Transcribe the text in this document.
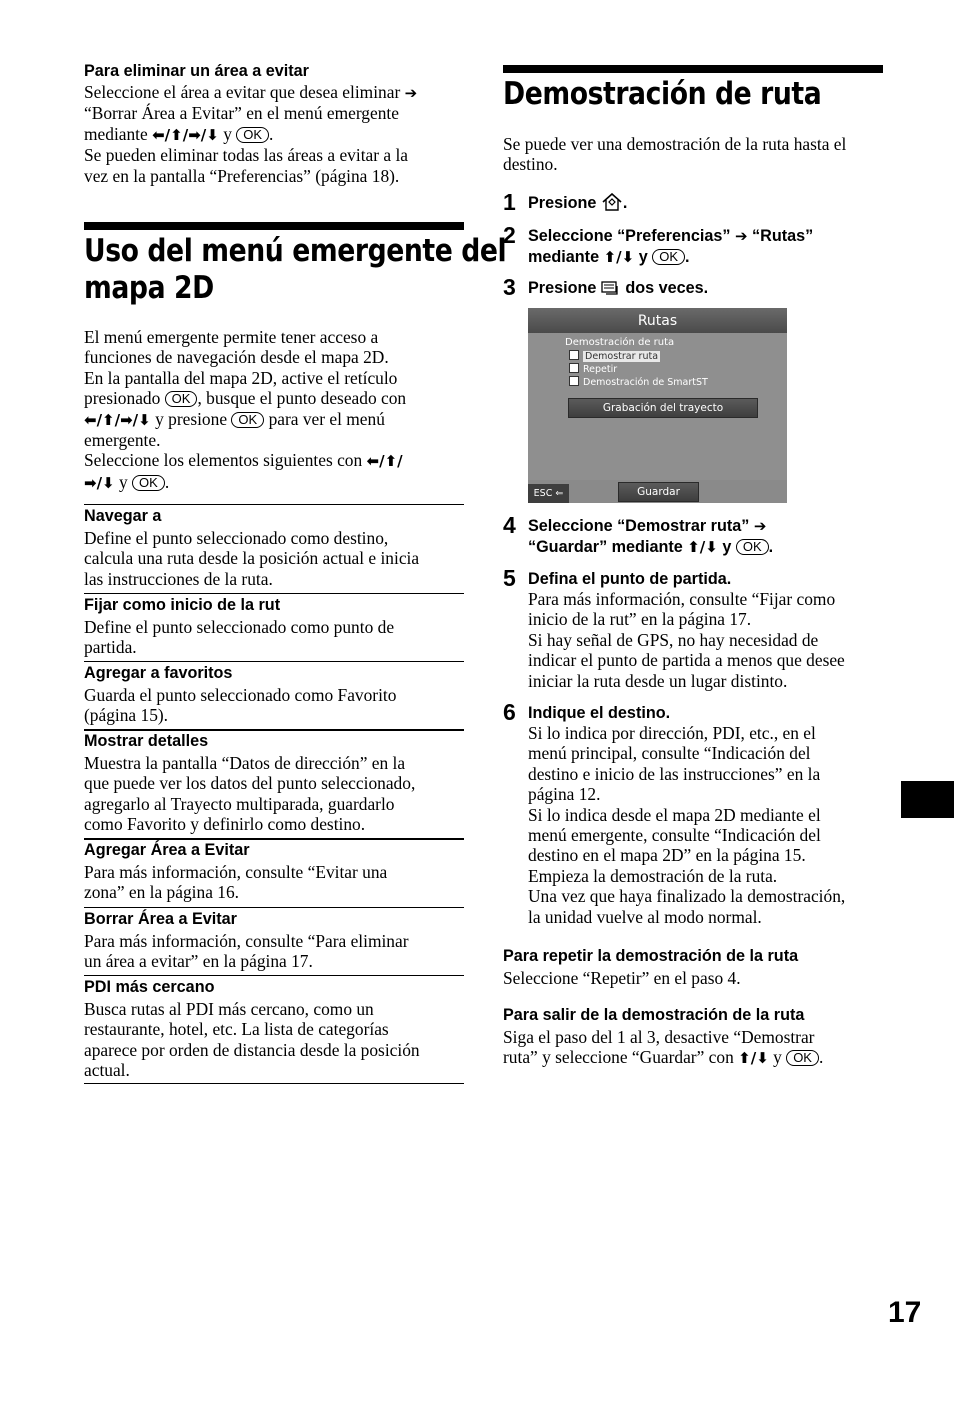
Para eliminar un área a evitar

Seleccione el área a evitar que desea eliminar ➔
“Borrar Área a Evitar” en el menú emergente
mediante ⬅/⬆/➡/⬇ y OK .
Se pueden eliminar todas las áreas a evitar a la
vez en la pantalla “Preferencias” (página 18).
Uso del menú emergente del
mapa 2D
El menú emergente permite tener acceso a
funciones de navegación desde el mapa 2D.
En la pantalla del mapa 2D, active el retículo
presionado OK , busque el punto deseado con
⬅/⬆/➡/⬇ y presione OK para ver el menú
emergente.
Seleccione los elementos siguientes con ⬅/⬆/
➡/⬇ y OK .

Navegar a

Define el punto seleccionado como destino,
calcula una ruta desde la posición actual e inicia
las instrucciones de la ruta.

Fijar como inicio de la rut

Define el punto seleccionado como punto de
partida.

Agregar a favoritos

Guarda el punto seleccionado como Favorito
(página 15).

Mostrar detalles

Muestra la pantalla “Datos de dirección” en la
que puede ver los datos del punto seleccionado,
agregarlo al Trayecto multiparada, guardarlo
como Favorito y definirlo como destino.

Agregar Área a Evitar

Para más información, consulte “Evitar una
zona” en la página 16.

Borrar Área a Evitar

Para más información, consulte “Para eliminar
un área a evitar” en la página 17.

PDI más cercano

Busca rutas al PDI más cercano, como un
restaurante, hotel, etc. La lista de categorías
aparece por orden de distancia desde la posición
actual.
Demostración de ruta
Se puede ver una demostración de la ruta hasta el
destino.
1 Presione .

2 Seleccione “Preferencias” ➔ “Rutas”
mediante ⬆/⬇ y OK .

3 Presione dos veces.

Rutas
Demostración de ruta
Demostrar ruta
Repetir
Demostración de SmartST
Grabación del trayecto
ESC ⇐	Guardar
4 Seleccione “Demostrar ruta” ➔
“Guardar” mediante ⬆/⬇ y OK .

5 Defina el punto de partida.

Para más información, consulte “Fijar como
inicio de la rut” en la página 17.
Si hay señal de GPS, no hay necesidad de
indicar el punto de partida a menos que desee
iniciar la ruta desde un lugar distinto.
6 Indique el destino.

Si lo indica por dirección, PDI, etc., en el
menú principal, consulte “Indicación del
destino e inicio de las instrucciones” en la
página 12.
Si lo indica desde el mapa 2D mediante el
menú emergente, consulte “Indicación del
destino en el mapa 2D” en la página 15.
Empieza la demostración de la ruta.
Una vez que haya finalizado la demostración,
la unidad vuelve al modo normal.

Para repetir la demostración de la ruta

Seleccione “Repetir” en el paso 4.

Para salir de la demostración de la ruta

Siga el paso del 1 al 3, desactive “Demostrar
ruta” y seleccione “Guardar” con ⬆/⬇ y OK .
17
